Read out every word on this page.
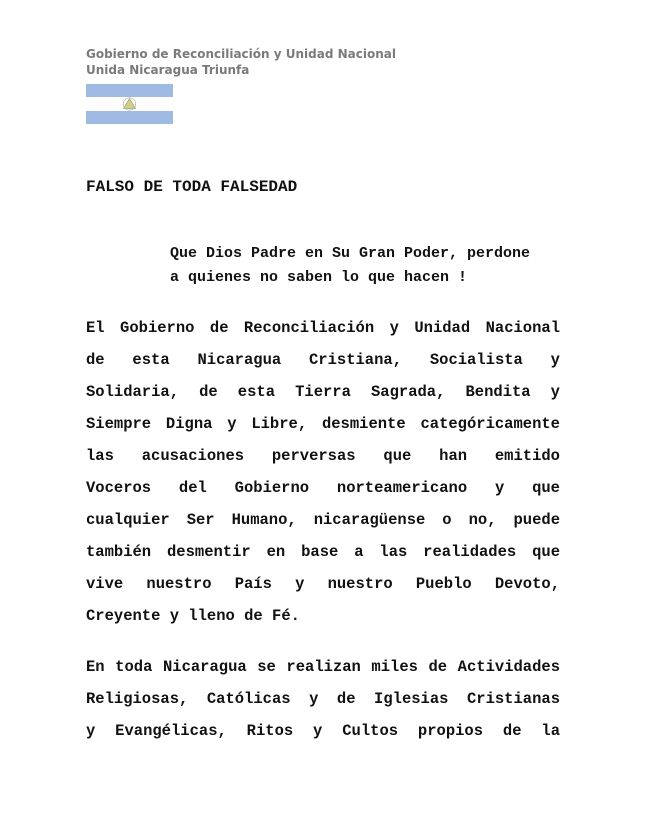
Gobierno de Reconciliación y Unidad Nacional
Unida Nicaragua Triunfa
FALSO DE TODA FALSEDAD
Que Dios Padre en Su Gran Poder, perdone
a quienes no saben lo que hacen !
El Gobierno de Reconciliación y Unidad Nacional
de esta Nicaragua Cristiana, Socialista y
Solidaria, de esta Tierra Sagrada, Bendita y
Siempre Digna y Libre, desmiente categóricamente
las acusaciones perversas que han emitido
Voceros del Gobierno norteamericano y que
cualquier Ser Humano, nicaragüense o no, puede
también desmentir en base a las realidades que
vive nuestro País y nuestro Pueblo Devoto,
Creyente y lleno de Fé.
En toda Nicaragua se realizan miles de Actividades
Religiosas, Católicas y de Iglesias Cristianas
y Evangélicas, Ritos y Cultos propios de la
